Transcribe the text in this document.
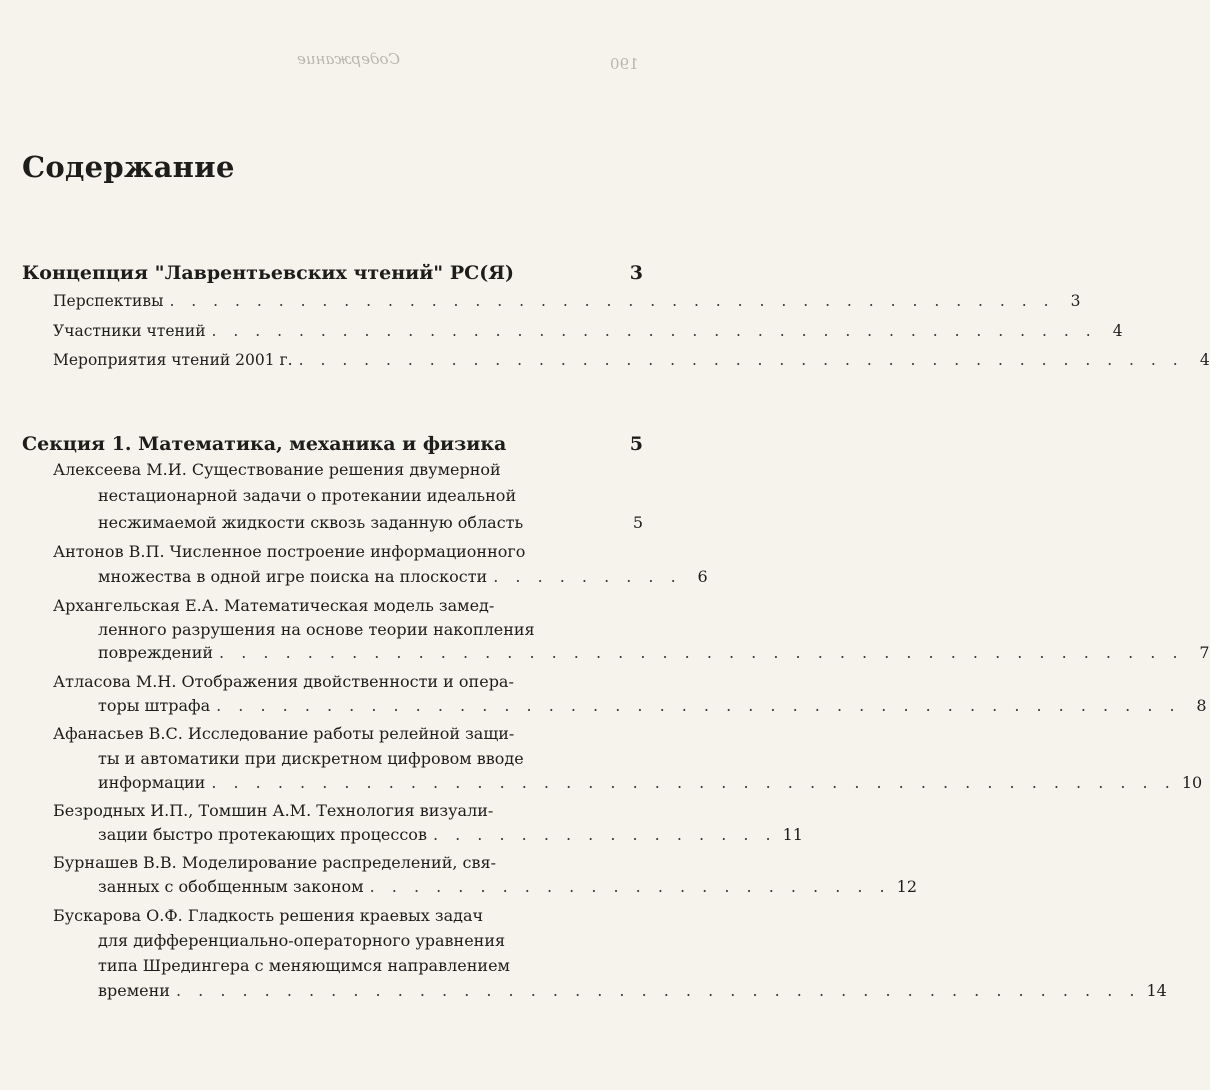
Содержание	190
Содержание
Концепция "Лаврентьевских чтений" РС(Я)	3
Перспективы . . . . . . . . . . . . . . . . . . . . . . . . . . . . . . . . . . . . . . . . .	3
Участники чтений . . . . . . . . . . . . . . . . . . . . . . . . . . . . . . . . . . . . . . . . .	4
Мероприятия чтений 2001 г. . . . . . . . . . . . . . . . . . . . . . . . . . . . . . . . . . . . . . . . . .	4
Секция 1. Математика, механика и физика	5
Алексеева М.И. Существование решения двумерной
нестационарной задачи о протекании идеальной
несжимаемой жидкости сквозь заданную область	5
Антонов В.П. Численное построение информационного
множества в одной игре поиска на плоскости . . . . . . . . . 6
Архангельская Е.А. Математическая модель замед-
ленного разрушения на основе теории накопления
повреждений . . . . . . . . . . . . . . . . . . . . . . . . . . . . . . . . . . . . . . . . . . . . 7
Атласова М.Н. Отображения двойственности и опера-
торы штрафа . . . . . . . . . . . . . . . . . . . . . . . . . . . . . . . . . . . . . . . . . . . . 8
Афанасьев В.С. Исследование работы релейной защи-
ты и автоматики при дискретном цифровом вводе
информации . . . . . . . . . . . . . . . . . . . . . . . . . . . . . . . . . . . . . . . . . . . . 10
Безродных И.П., Томшин А.М. Технология визуали-
зации быстро протекающих процессов . . . . . . . . . . . . . . . . 11
Бурнашев В.В. Моделирование распределений, свя-
занных с обобщенным законом . . . . . . . . . . . . . . . . . . . . . . . . 12
Бускарова О.Ф. Гладкость решения краевых задач
для дифференциально-операторного уравнения
типа Шредингера с меняющимся направлением
времени . . . . . . . . . . . . . . . . . . . . . . . . . . . . . . . . . . . . . . . . . . . . 14
